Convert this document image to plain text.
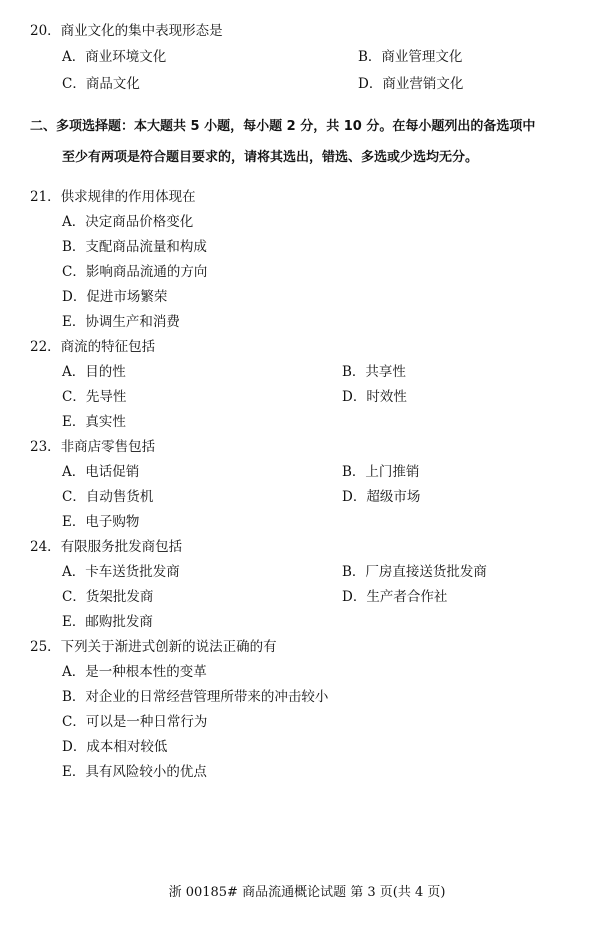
20．商业文化的集中表现形态是
A．商业环境文化	B．商业管理文化
C．商品文化	D．商业营销文化
二、多项选择题：本大题共 5 小题，每小题 2 分，共 10 分。在每小题列出的备选项中
至少有两项是符合题目要求的，请将其选出，错选、多选或少选均无分。
21．供求规律的作用体现在
A．决定商品价格变化
B．支配商品流量和构成
C．影响商品流通的方向
D．促进市场繁荣
E．协调生产和消费
22．商流的特征包括
A．目的性	B．共享性
C．先导性	D．时效性
E．真实性
23．非商店零售包括
A．电话促销	B．上门推销
C．自动售货机	D．超级市场
E．电子购物
24．有限服务批发商包括
A．卡车送货批发商	B．厂房直接送货批发商
C．货架批发商	D．生产者合作社
E．邮购批发商
25．下列关于渐进式创新的说法正确的有
A．是一种根本性的变革
B．对企业的日常经营管理所带来的冲击较小
C．可以是一种日常行为
D．成本相对较低
E．具有风险较小的优点
浙 00185# 商品流通概论试题 第 3 页(共 4 页)
